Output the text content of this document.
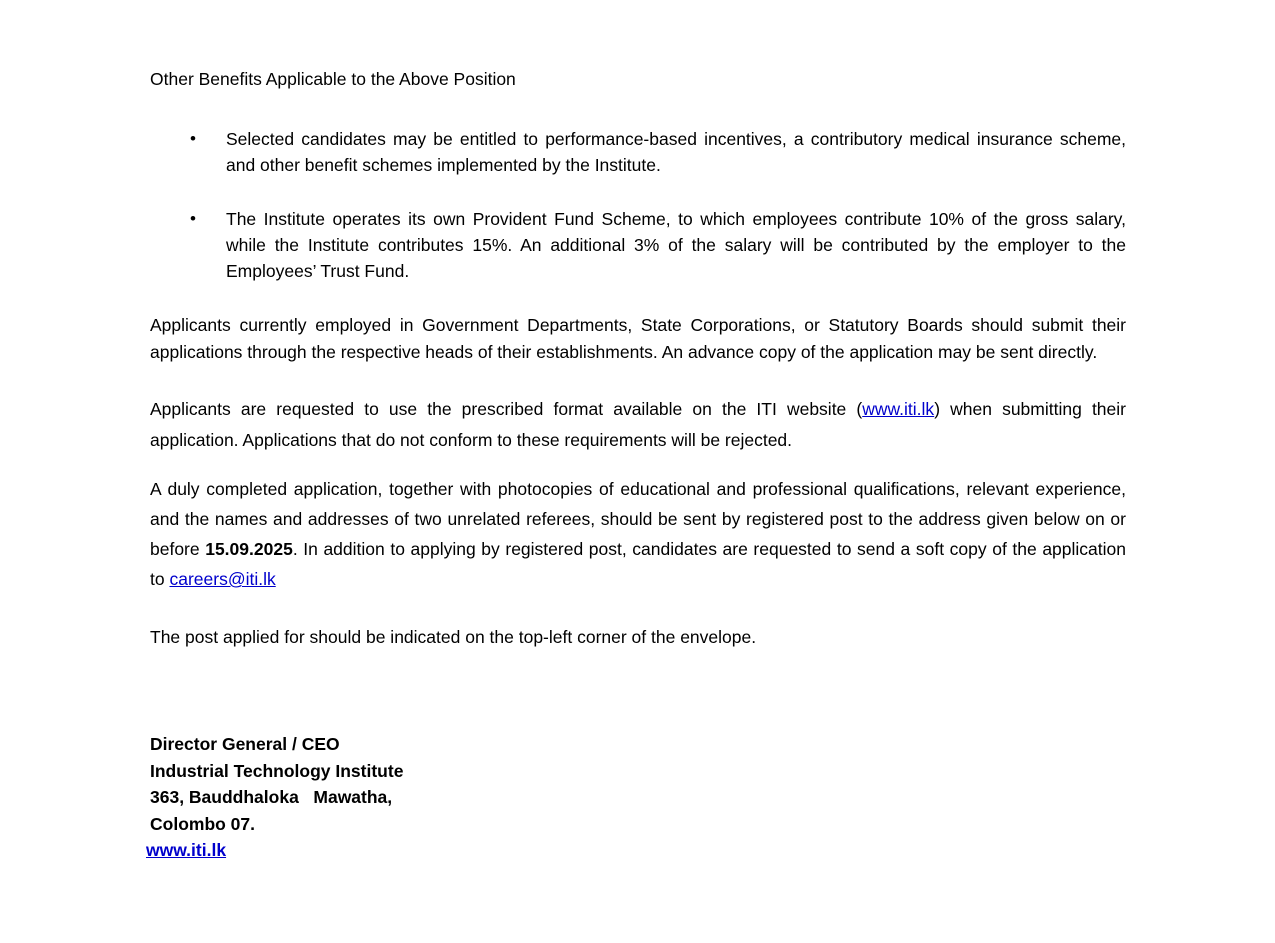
Other Benefits Applicable to the Above Position
• Selected candidates may be entitled to performance-based incentives, a contributory medical insurance scheme, and other benefit schemes implemented by the Institute.
• The Institute operates its own Provident Fund Scheme, to which employees contribute 10% of the gross salary, while the Institute contributes 15%. An additional 3% of the salary will be contributed by the employer to the Employees’ Trust Fund.

Applicants currently employed in Government Departments, State Corporations, or Statutory Boards should submit their applications through the respective heads of their establishments. An advance copy of the application may be sent directly.

Applicants are requested to use the prescribed format available on the ITI website (www.iti.lk) when submitting their application. Applications that do not conform to these requirements will be rejected.

A duly completed application, together with photocopies of educational and professional qualifications, relevant experience, and the names and addresses of two unrelated referees, should be sent by registered post to the address given below on or before 15.09.2025. In addition to applying by registered post, candidates are requested to send a soft copy of the application to careers@iti.lk

The post applied for should be indicated on the top-left corner of the envelope.

Director General / CEO
Industrial Technology Institute
363, Bauddhaloka   Mawatha,
Colombo 07.
www.iti.lk
